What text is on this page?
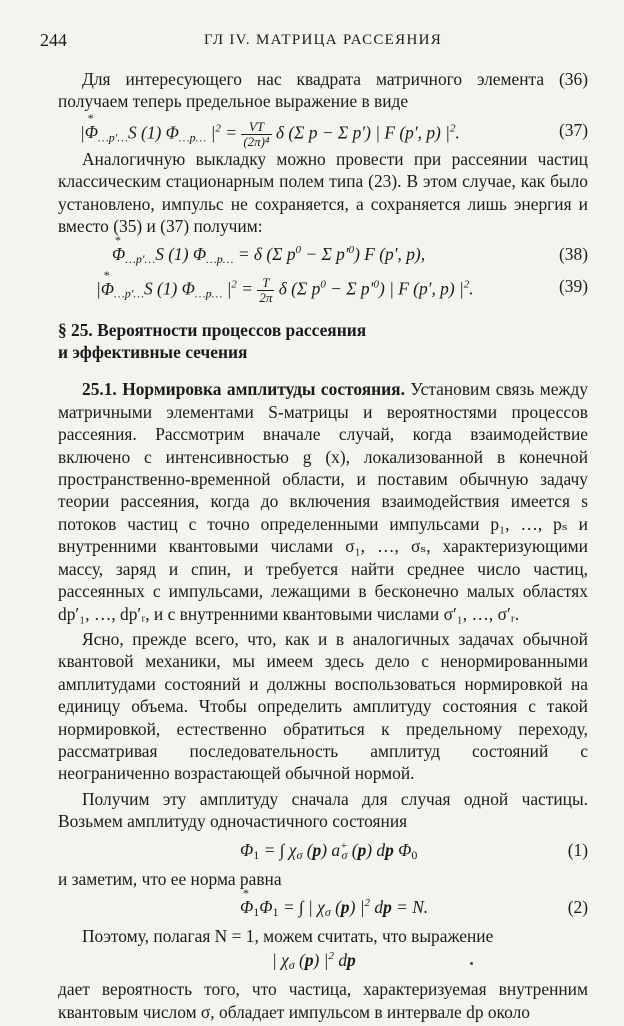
244	ГЛ IV. МАТРИЦА РАССЕЯНИЯ

Для интересующего нас квадрата матричного элемента (36) получаем теперь предельное выражение в виде

|* $\Phi_{\dots p'\dots}S$ (1) $\Phi_{\dots p\dots}$ $|^2 = \frac{VT}{\text{(2π)⁴}}$ δ (Σ p − Σ p′) | F (p′, p) $|^2$.	(37)

Аналогичную выкладку можно провести при рассеянии частиц классическим стационарным полем типа (23). В этом случае, как было установлено, импульс не сохраняется, а сохраняется лишь энергия и вместо (35) и (37) получим:

* $\Phi_{\dots p'\dots}S$ (1) $\Phi_{\dots p\dots} = \delta$ (Σ $p^0 - \Sigma$ $p'^0$) F (p′, p),	(38)
|* $\Phi_{\dots p'\dots}S$ (1) $\Phi_{\dots p\dots}$ $|^2 = \frac{T}{2\pi}$ δ (Σ $p^0 - \Sigma$ $p'^0$) | F (p′, p) $|^2$.	(39)
§ 25. Вероятности процессов рассеяния
и эффективные сечения

25.1. Нормировка амплитуды состояния. Установим связь между матричными элементами S-матрицы и вероятностями процессов рассеяния. Рассмотрим вначале случай, когда взаимодействие включено с интенсивностью g (x), локализованной в конечной пространственно-временной области, и поставим обычную задачу теории рассеяния, когда до включения взаимодействия имеется s потоков частиц с точно определенными импульсами p₁, …, pₛ и внутренними квантовыми числами σ₁, …, σₛ, характеризующими массу, заряд и спин, и требуется найти среднее число частиц, рассеянных с импульсами, лежащими в бесконечно малых областях dp′₁, …, dp′ᵣ, и с внутренними квантовыми числами σ′₁, …, σ′ᵣ.

Ясно, прежде всего, что, как и в аналогичных задачах обычной квантовой механики, мы имеем здесь дело с ненормированными амплитудами состояний и должны воспользоваться нормировкой на единицу объема. Чтобы определить амплитуду состояния с такой нормировкой, естественно обратиться к предельному переходу, рассматривая последовательность амплитуд состояний с неограниченно возрастающей обычной нормой.

Получим эту амплитуду сначала для случая одной частицы. Возьмем амплитуду одночастичного состояния

$\Phi_1$ = ∫ $\chi_\sigma$ (p) $a^+_\sigma$ (p) dp $\Phi_0$	(1)

и заметим, что ее норма равна

* $\Phi_1\Phi_1$ = ∫ | $\chi_\sigma$ (p) $|^2$ dp = N.	(2)

Поэтому, полагая N = 1, можем считать, что выражение

| $\chi_\sigma$ (p) $|^2$ dp

дает вероятность того, что частица, характеризуемая внутренним квантовым числом σ, обладает импульсом в интервале dp около
